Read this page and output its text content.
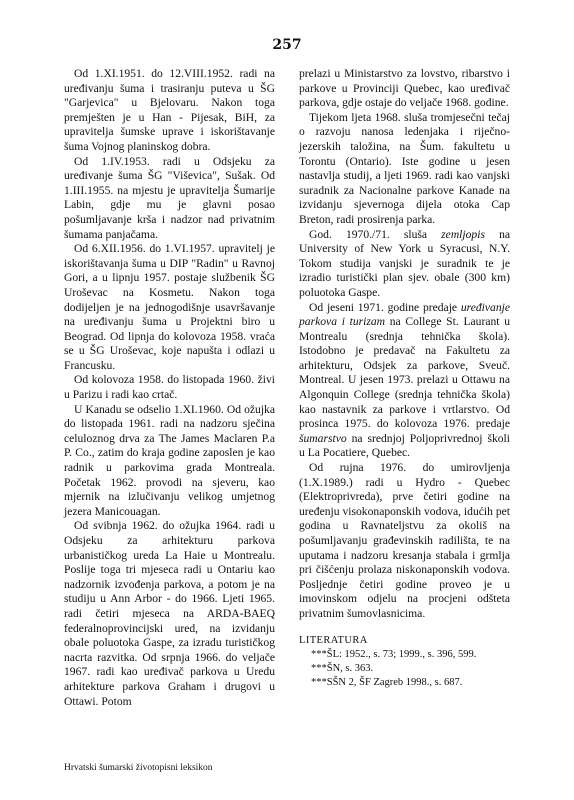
257

Od 1.XI.1951. do 12.VIII.1952. radi na uređivanju šuma i trasiranju puteva u ŠG "Garjevica" u Bjelovaru. Nakon toga premješten je u Han - Pijesak, BiH, za upravitelja šumske uprave i iskorištavanje šuma Vojnog planinskog dobra.

Od 1.IV.1953. radi u Odsjeku za uređivanje šuma ŠG "Viševica", Sušak. Od 1.III.1955. na mjestu je upravitelja Šumarije Labin, gdje mu je glavni posao pošumljavanje krša i nadzor nad privatnim šumama panjačama.

Od 6.XII.1956. do 1.VI.1957. upravitelj je iskorištavanja šuma u DIP "Radin" u Ravnoj Gori, a u lipnju 1957. postaje službenik ŠG Uroševac na Kosmetu. Nakon toga dodijeljen je na jednogodišnje usavršavanje na uređivanju šuma u Projektni biro u Beograd. Od lipnja do kolovoza 1958. vraća se u ŠG Uroševac, koje napušta i odlazi u Francusku.

Od kolovoza 1958. do listopada 1960. živi u Parizu i radi kao crtač.

U Kanadu se odselio 1.XI.1960. Od ožujka do listopada 1961. radi na nadzoru sječina celuloznog drva za The James Maclaren P.a P. Co., zatim do kraja godine zaposlen je kao radnik u parkovima grada Montreala. Početak 1962. provodi na sjeveru, kao mjernik na izlučivanju velikog umjetnog jezera Manicouagan.

Od svibnja 1962. do ožujka 1964. radi u Odsjeku za arhitekturu parkova urbanističkog ureda La Haie u Montrealu. Poslije toga tri mjeseca radi u Ontariu kao nadzornik izvođenja parkova, a potom je na studiju u Ann Arbor - do 1966. Ljeti 1965. radi četiri mjeseca na ARDA-BAEQ federalnoprovincijski ured, na izvidanju obale poluotoka Gaspe, za izradu turističkog nacrta razvitka. Od srpnja 1966. do veljače 1967. radi kao uređivač parkova u Uredu arhitekture parkova Graham i drugovi u Ottawi. Potom

prelazi u Ministarstvo za lovstvo, ribarstvo i parkove u Provinciji Quebec, kao uređivač parkova, gdje ostaje do veljače 1968. godine.

Tijekom ljeta 1968. sluša tromjesečni tečaj o razvoju nanosa ledenjaka i riječno-jezerskih taložina, na Šum. fakultetu u Torontu (Ontario). Iste godine u jesen nastavlja studij, a ljeti 1969. radi kao vanjski suradnik za Nacionalne parkove Kanade na izvidanju sjevernoga dijela otoka Cap Breton, radi prosirenja parka.

God. 1970./71. sluša zemljopis na University of New York u Syracusi, N.Y. Tokom studija vanjski je suradnik te je izradio turistički plan sjev. obale (300 km) poluotoka Gaspe.

Od jeseni 1971. godine predaje uređivanje parkova i turizam na College St. Laurant u Montrealu (srednja tehnička škola). Istodobno je predavač na Fakultetu za arhitekturu, Odsjek za parkove, Sveuč. Montreal. U jesen 1973. prelazi u Ottawu na Algonquin College (srednja tehnička škola) kao nastavnik za parkove i vrtlarstvo. Od prosinca 1975. do kolovoza 1976. predaje šumarstvo na srednjoj Poljoprivrednoj školi u La Pocatiere, Quebec.

Od rujna 1976. do umirovljenja (1.X.1989.) radi u Hydro - Quebec (Elektroprivreda), prve četiri godine na uređenju visokonaponskih vodova, idućih pet godina u Ravnateljstvu za okoliš na pošumljavanju građevinskih radilišta, te na uputama i nadzoru kresanja stabala i grmlja pri čišćenju prolaza niskonaponskih vodova. Posljednje četiri godine proveo je u imovinskom odjelu na procjeni odšteta privatnim šumovlasnicima.

LITERATURA
***ŠL: 1952., s. 73; 1999., s. 396, 599.
***ŠN, s. 363.
***SŠN 2, ŠF Zagreb 1998., s. 687.
Hrvatski šumarski životopisni leksikon
